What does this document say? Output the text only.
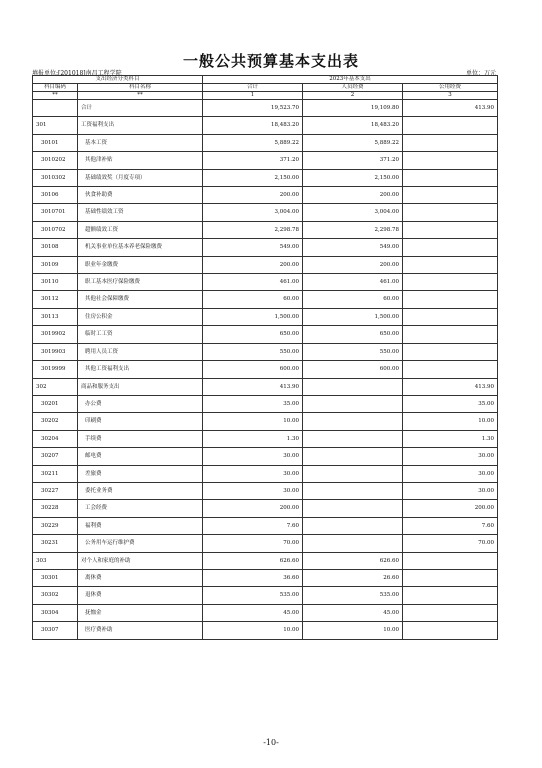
一般公共预算基本支出表
填报单位:[201018]南昌工程学院	单位：万元
支出经济分类科目		2023年基本支出		
科目编码	科目名称	合计	人员经费	公用经费
**	**	1	2	3
	合计	19,523.70	19,109.80	413.90
301	工资福利支出	18,483.20	18,483.20	
30101	基本工资	5,889.22	5,889.22	
3010202	其他津补贴	371.20	371.20	
3010302	基础绩效奖（月度专项）	2,150.00	2,150.00	
30106	伙食补助费	200.00	200.00	
3010701	基础性绩效工资	3,004.00	3,004.00	
3010702	超额绩效工资	2,298.78	2,298.78	
30108	机关事业单位基本养老保险缴费	549.00	549.00	
30109	职业年金缴费	200.00	200.00	
30110	职工基本医疗保险缴费	461.00	461.00	
30112	其他社会保障缴费	60.00	60.00	
30113	住房公积金	1,500.00	1,500.00	
3019902	临时工工资	650.00	650.00	
3019903	聘用人员工资	550.00	550.00	
3019999	其他工资福利支出	600.00	600.00	
302	商品和服务支出	413.90		413.90
30201	办公费	35.00		35.00
30202	印刷费	10.00		10.00
30204	手续费	1.30		1.30
30207	邮电费	30.00		30.00
30211	差旅费	30.00		30.00
30227	委托业务费	30.00		30.00
30228	工会经费	200.00		200.00
30229	福利费	7.60		7.60
30231	公务用车运行维护费	70.00		70.00
303	对个人和家庭的补助	626.60	626.60	
30301	离休费	36.60	26.60	
30302	退休费	535.00	535.00	
30304	抚恤金	45.00	45.00	
30307	医疗费补助	10.00	10.00	
-10-
